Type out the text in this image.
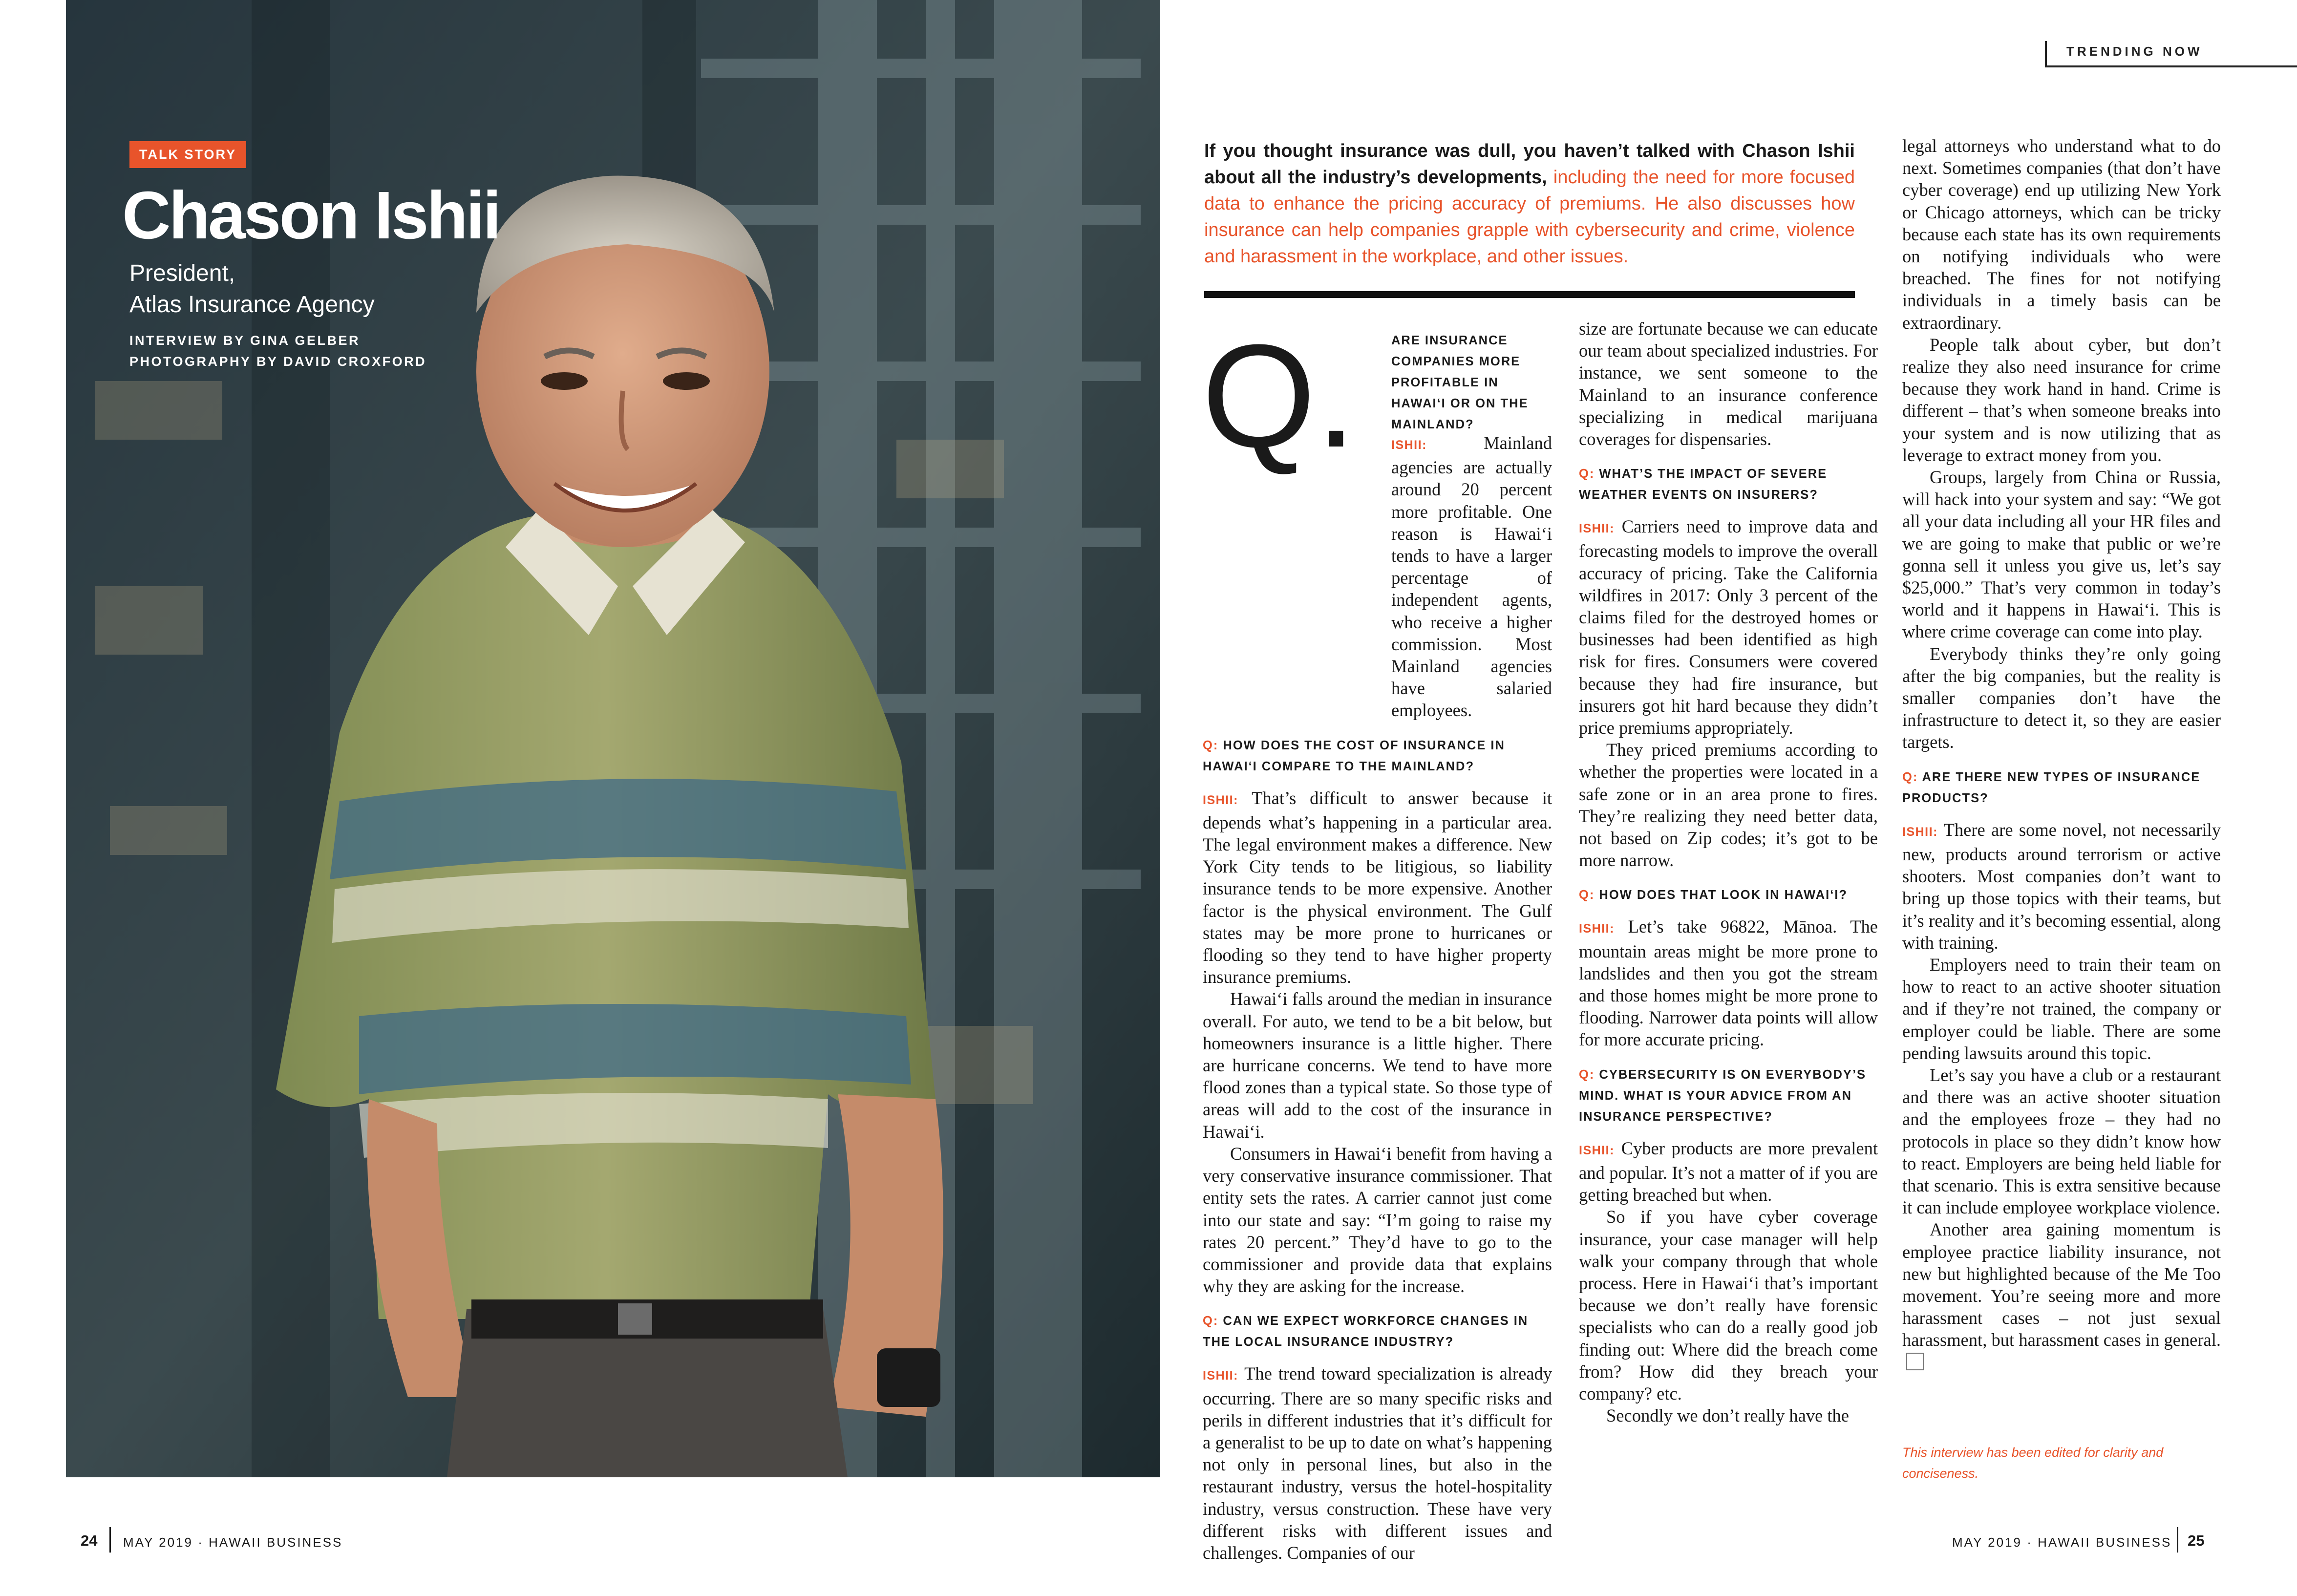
TALK STORY
Chason Ishii
President,
Atlas Insurance Agency
INTERVIEW BY GINA GELBER
PHOTOGRAPHY BY DAVID CROXFORD
24 MAY 2019 · HAWAII BUSINESS
TRENDING NOW
If you thought insurance was dull, you haven’t talked with Chason Ishii about all the industry’s developments, including the need for more focused data to enhance the pricing accuracy of premiums. He also discusses how insurance can help companies grapple with cybersecurity and crime, violence and harassment in the workplace, and other issues.
Q.	ARE INSURANCE COMPANIES MORE PROFITABLE IN HAWAI‘I OR ON THE MAINLAND?

ISHII:	Mainland agencies are actually around 20 percent more profitable. One reason is Hawai‘i tends to have a larger percentage of independent agents, who receive a higher commission. Most Mainland agencies have salaried employees.

Q: HOW DOES THE COST OF INSURANCE IN HAWAI‘I COMPARE TO THE MAINLAND?

ISHII: That’s difficult to answer because it depends what’s happening in a particular area. The legal environment makes a difference. New York City tends to be litigious, so liability insurance tends to be more expensive. Another factor is the physical environment. The Gulf states may be more prone to hurricanes or flooding so they tend to have higher property insurance premiums.

Hawai‘i falls around the median in insurance overall. For auto, we tend to be a bit below, but homeowners insurance is a little higher. There are hurricane concerns. We tend to have more flood zones than a typical state. So those type of areas will add to the cost of the insurance in Hawai‘i.

Consumers in Hawai‘i benefit from having a very conservative insurance commissioner. That entity sets the rates. A carrier cannot just come into our state and say: “I’m going to raise my rates 20 percent.” They’d have to go to the commissioner and provide data that explains why they are asking for the increase.

Q: CAN WE EXPECT WORKFORCE CHANGES IN THE LOCAL INSURANCE INDUSTRY?

ISHII: The trend toward specialization is already occurring. There are so many specific risks and perils in different industries that it’s difficult for a generalist to be up to date on what’s happening not only in personal lines, but also in the restaurant industry, versus the hotel-hospitality industry, versus construction. These have very different risks with different issues and challenges. Companies of our

size are fortunate because we can educate our team about specialized industries. For instance, we sent someone to the Mainland to an insurance conference specializing in medical marijuana coverages for dispensaries.

Q: WHAT’S THE IMPACT OF SEVERE WEATHER EVENTS ON INSURERS?

ISHII: Carriers need to improve data and forecasting models to improve the overall accuracy of pricing. Take the California wildfires in 2017: Only 3 percent of the claims filed for the destroyed homes or businesses had been identified as high risk for fires. Consumers were covered because they had fire insurance, but insurers got hit hard because they didn’t price premiums appropriately.

They priced premiums according to whether the properties were located in a safe zone or in an area prone to fires. They’re realizing they need better data, not based on Zip codes; it’s got to be more narrow.

Q: HOW DOES THAT LOOK IN HAWAI‘I?

ISHII: Let’s take 96822, Mānoa. The mountain areas might be more prone to landslides and then you got the stream and those homes might be more prone to flooding. Narrower data points will allow for more accurate pricing.

Q: CYBERSECURITY IS ON EVERYBODY’S MIND. WHAT IS YOUR ADVICE FROM AN INSURANCE PERSPECTIVE?

ISHII: Cyber products are more prevalent and popular. It’s not a matter of if you are getting breached but when.

So if you have cyber coverage insurance, your case manager will help walk your company through that whole process. Here in Hawai‘i that’s important because we don’t really have forensic specialists who can do a really good job finding out: Where did the breach come from? How did they breach your company? etc.

Secondly we don’t really have the

legal attorneys who understand what to do next. Sometimes companies (that don’t have cyber coverage) end up utilizing New York or Chicago attorneys, which can be tricky because each state has its own requirements on notifying individuals who were breached. The fines for not notifying individuals in a timely basis can be extraordinary.

People talk about cyber, but don’t realize they also need insurance for crime because they work hand in hand. Crime is different – that’s when someone breaks into your system and is now utilizing that as leverage to extract money from you.

Groups, largely from China or Russia, will hack into your system and say: “We got all your data including all your HR files and we are going to make that public or we’re gonna sell it unless you give us, let’s say $25,000.” That’s very common in today’s world and it happens in Hawai‘i. This is where crime coverage can come into play.

Everybody thinks they’re only going after the big companies, but the reality is smaller companies don’t have the infrastructure to detect it, so they are easier targets.

Q: ARE THERE NEW TYPES OF INSURANCE PRODUCTS?

ISHII: There are some novel, not necessarily new, products around terrorism or active shooters. Most companies don’t want to bring up those topics with their teams, but it’s reality and it’s becoming essential, along with training.

Employers need to train their team on how to react to an active shooter situation and if they’re not trained, the company or employer could be liable. There are some pending lawsuits around this topic.

Let’s say you have a club or a restaurant and there was an active shooter situation and the employees froze – they had no protocols in place so they didn’t know how to react. Employers are being held liable for that scenario. This is extra sensitive because it can include employee workplace violence.

Another area gaining momentum is employee practice liability insurance, not new but highlighted because of the Me Too movement. You’re seeing more and more harassment cases – not just sexual harassment, but harassment cases in general.

This interview has been edited for clarity and conciseness.
MAY 2019 · HAWAII BUSINESS 25
